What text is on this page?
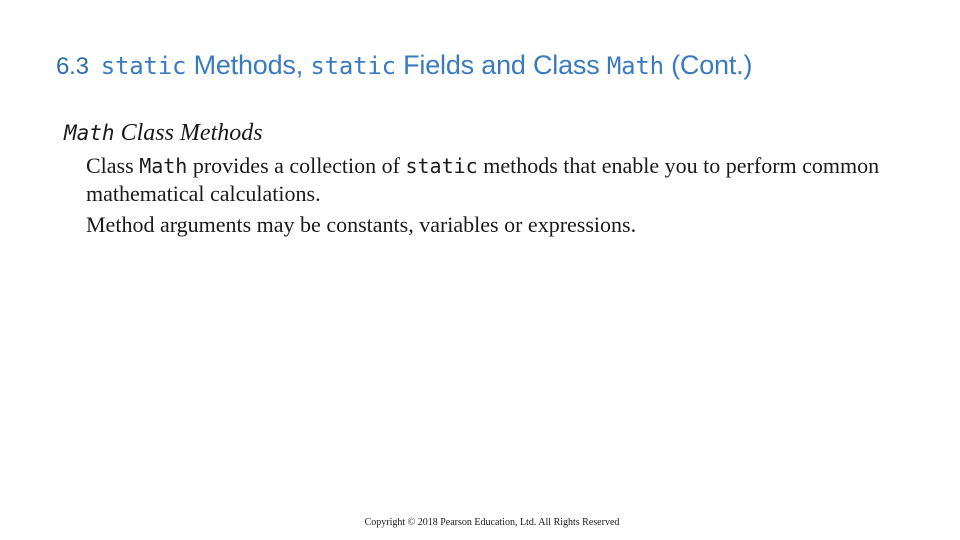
6.3 static Methods, static Fields and Class Math (Cont.)
Math Class Methods
Class Math provides a collection of static methods that enable you to perform common mathematical calculations.
Method arguments may be constants, variables or expressions.
Copyright © 2018 Pearson Education, Ltd. All Rights Reserved
